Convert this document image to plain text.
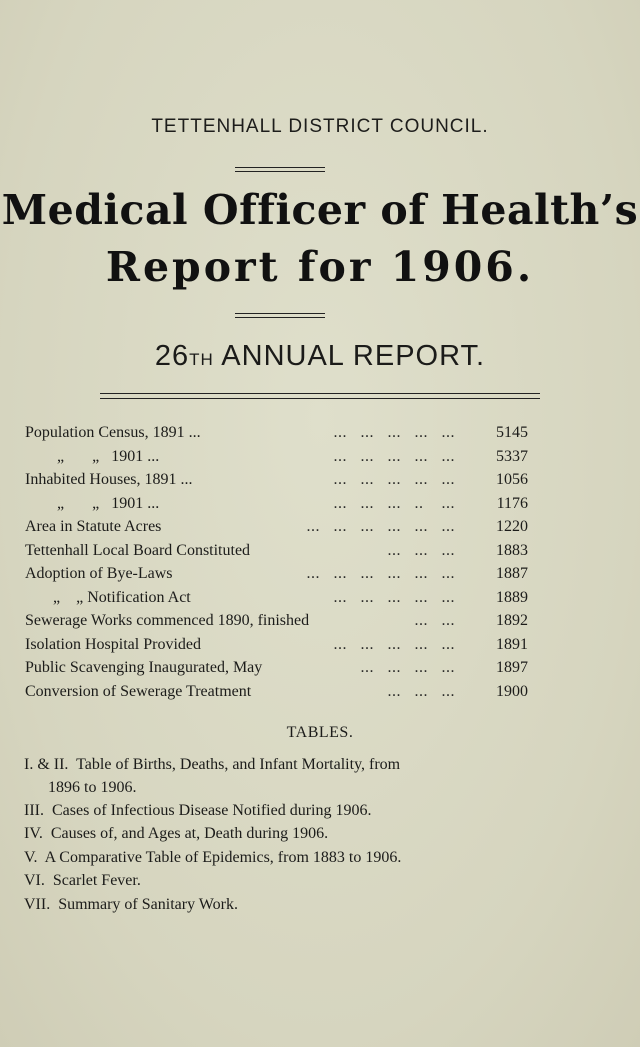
TETTENHALL DISTRICT COUNCIL.
Medical Officer of Health’s
Report for 1906.
26TH ANNUAL REPORT.
Population Census, 1891 ...	...   ...   ...   ...   ...	5145
„       „   1901 ...	...   ...   ...   ...   ...	5337
Inhabited Houses, 1891 ...	...   ...   ...   ...   ...	1056
„       „   1901 ...	...   ...   ...   ..    ...	1176
Area in Statute Acres	...   ...   ...   ...   ...   ...	1220
Tettenhall Local Board Constituted	...   ...   ...	1883
Adoption of Bye-Laws	...   ...   ...   ...   ...   ...	1887
„    „ Notification Act	...   ...   ...   ...   ...	1889
Sewerage Works commenced 1890, finished	...   ...	1892
Isolation Hospital Provided	...   ...   ...   ...   ...	1891
Public Scavenging Inaugurated, May	...   ...   ...   ...	1897
Conversion of Sewerage Treatment	...   ...   ...	1900
TABLES.
I. & II.  Table of Births, Deaths, and Infant Mortality, from
1896 to 1906.
III.  Cases of Infectious Disease Notified during 1906.
IV.  Causes of, and Ages at, Death during 1906.
V.  A Comparative Table of Epidemics, from 1883 to 1906.
VI.  Scarlet Fever.
VII.  Summary of Sanitary Work.
